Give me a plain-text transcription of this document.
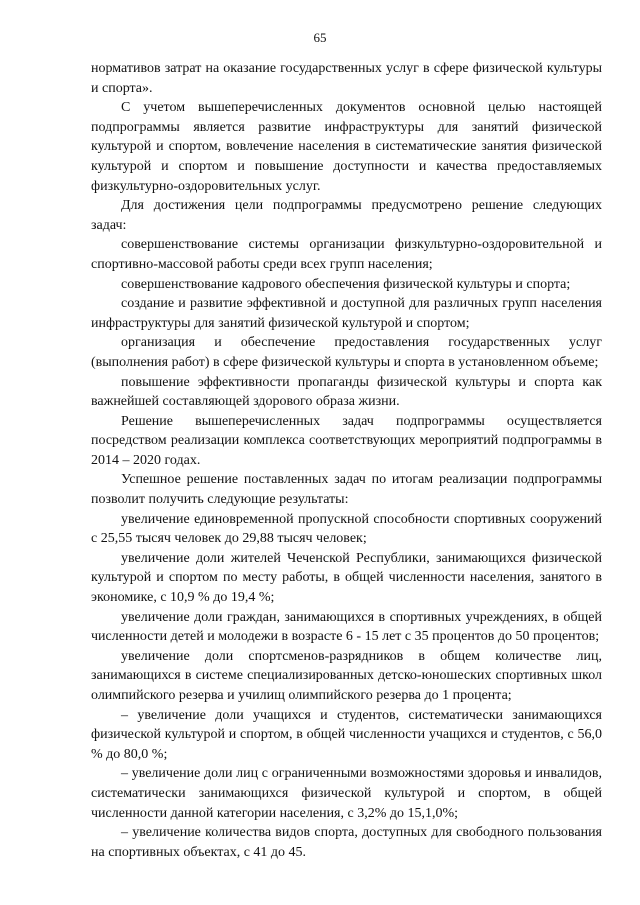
65

нормативов затрат на оказание государственных услуг в сфере физической культуры и спорта».

С учетом вышеперечисленных документов основной целью настоящей подпрограммы является развитие инфраструктуры для занятий физической культурой и спортом, вовлечение населения в систематические занятия физической культурой и спортом и повышение доступности и качества предоставляемых физкультурно-оздоровительных услуг.

Для достижения цели подпрограммы предусмотрено решение следующих задач:

совершенствование системы организации физкультурно-оздоровительной и спортивно-массовой работы среди всех групп населения;

совершенствование кадрового обеспечения физической культуры и спорта;

создание и развитие эффективной и доступной для различных групп населения инфраструктуры для занятий физической культурой и спортом;

организация и обеспечение предоставления государственных услуг (выполнения работ) в сфере физической культуры и спорта в установленном объеме;

повышение эффективности пропаганды физической культуры и спорта как важнейшей составляющей здорового образа жизни.

Решение вышеперечисленных задач подпрограммы осуществляется посредством реализации комплекса соответствующих мероприятий подпрограммы в 2014 – 2020 годах.

Успешное решение поставленных задач по итогам реализации подпрограммы позволит получить следующие результаты:

увеличение единовременной пропускной способности спортивных сооружений с 25,55 тысяч человек до 29,88 тысяч человек;

увеличение доли жителей Чеченской Республики, занимающихся физической культурой и спортом по месту работы, в общей численности населения, занятого в экономике, с 10,9 % до 19,4 %;

увеличение доли граждан, занимающихся в спортивных учреждениях, в общей численности детей и молодежи в возрасте 6 - 15 лет с 35 процентов до 50 процентов;

увеличение доли спортсменов-разрядников в общем количестве лиц, занимающихся в системе специализированных детско-юношеских спортивных школ олимпийского резерва и училищ олимпийского резерва до 1 процента;

– увеличение доли учащихся и студентов, систематически занимающихся физической культурой и спортом, в общей численности учащихся и студентов, с 56,0 % до 80,0 %;

– увеличение доли лиц с ограниченными возможностями здоровья и инвалидов, систематически занимающихся физической культурой и спортом, в общей численности данной категории населения, с 3,2% до 15,1,0%;

– увеличение количества видов спорта, доступных для свободного пользования на спортивных объектах, с 41 до 45.
